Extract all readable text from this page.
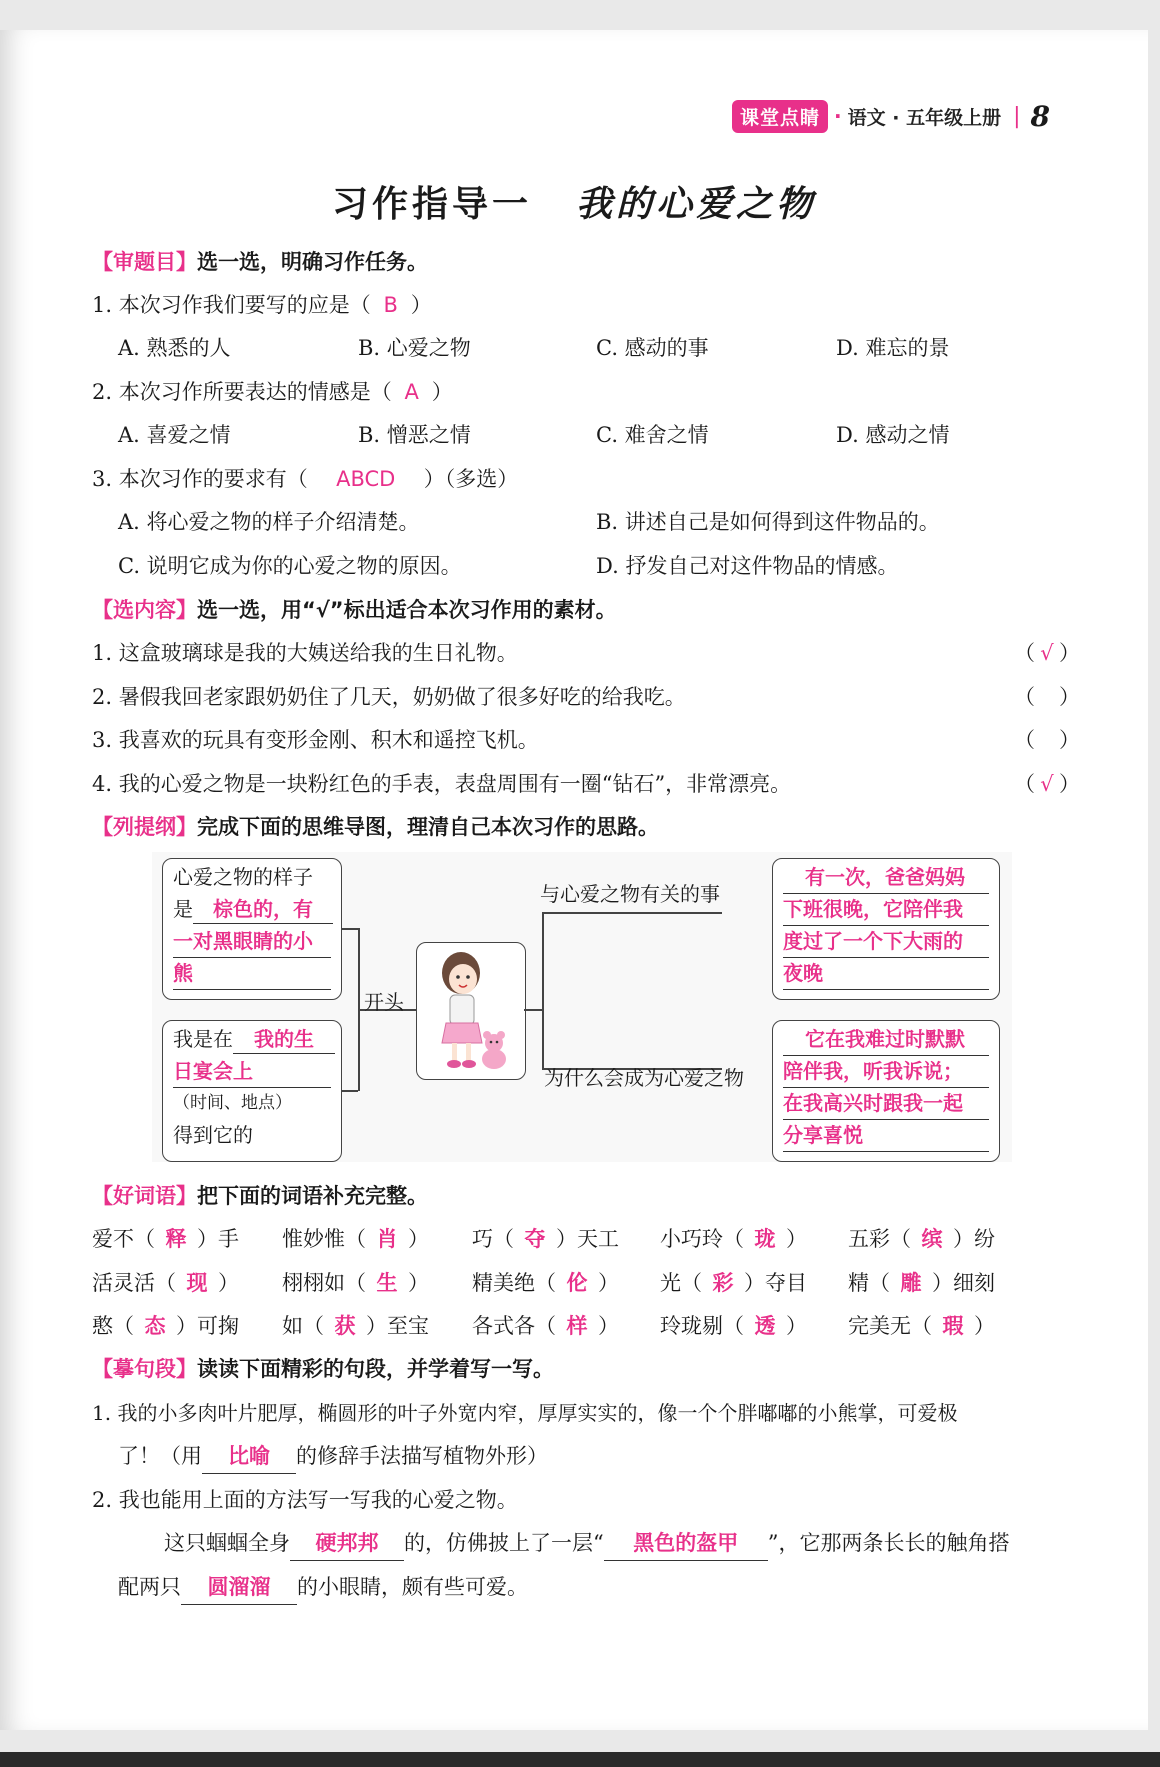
课堂点睛 · 语文 · 五年级上册 | 8
习作指导一 我的心爱之物
【审题目】选一选，明确习作任务。
1. 本次习作我们要写的应是（ B ）
A. 熟悉的人	B. 心爱之物	C. 感动的事	D. 难忘的景
2. 本次习作所要表达的情感是（ A ）
A. 喜爱之情	B. 憎恶之情	C. 难舍之情	D. 感动之情
3. 本次习作的要求有（ ABCD ）（多选）
A. 将心爱之物的样子介绍清楚。	B. 讲述自己是如何得到这件物品的。
C. 说明它成为你的心爱之物的原因。	D. 抒发自己对这件物品的情感。
【选内容】选一选，用“√”标出适合本次习作用的素材。
1. 这盒玻璃球是我的大姨送给我的生日礼物。	（ √ ）
2. 暑假我回老家跟奶奶住了几天，奶奶做了很多好吃的给我吃。	（ ）
3. 我喜欢的玩具有变形金刚、积木和遥控飞机。	（ ）
4. 我的心爱之物是一块粉红色的手表，表盘周围有一圈“钻石”，非常漂亮。	（ √ ）
【列提纲】完成下面的思维导图，理清自己本次习作的思路。
心爱之物的样子
是 棕色的，有
一对黑眼睛的小
熊
我是在 我的生
日宴会上
（时间、地点）
得到它的
开头
与心爱之物有关的事
为什么会成为心爱之物
有一次，爸爸妈妈
下班很晚，它陪伴我
度过了一个下大雨的
夜晚
它在我难过时默默
陪伴我，听我诉说；
在我高兴时跟我一起
分享喜悦
【好词语】把下面的词语补充完整。
爱不（ 释 ）手 惟妙惟（ 肖 ） 巧（ 夺 ）天工 小巧玲（ 珑 ） 五彩（ 缤 ）纷
活灵活（ 现 ） 栩栩如（ 生 ） 精美绝（ 伦 ） 光（ 彩 ）夺目 精（ 雕 ）细刻
憨（ 态 ）可掬 如（ 获 ）至宝 各式各（ 样 ） 玲珑剔（ 透 ） 完美无（ 瑕 ）
【摹句段】读读下面精彩的句段，并学着写一写。
1. 我的小多肉叶片肥厚，椭圆形的叶子外宽内窄，厚厚实实的，像一个个胖嘟嘟的小熊掌，可爱极
了！（用 比喻 的修辞手法描写植物外形）
2. 我也能用上面的方法写一写我的心爱之物。
这只蝈蝈全身 硬邦邦 的，仿佛披上了一层“ 黑色的盔甲 ”，它那两条长长的触角搭
配两只 圆溜溜 的小眼睛，颇有些可爱。
